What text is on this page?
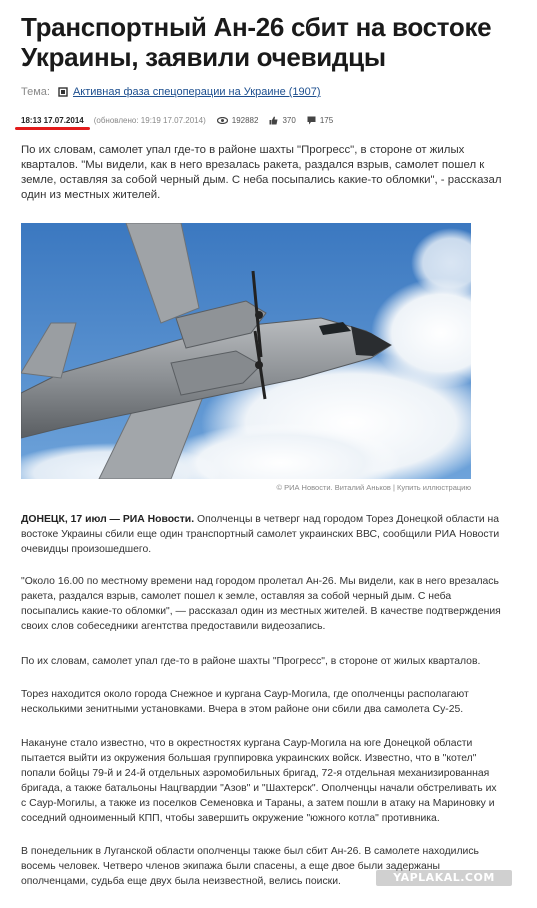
Транспортный Ан-26 сбит на востоке Украины, заявили очевидцы
Тема: Активная фаза спецоперации на Украине (1907)
18:13 17.07.2014 (обновлено: 19:19 17.07.2014)	192882	370	175

По их словам, самолет упал где-то в районе шахты "Прогресс", в стороне от жилых кварталов. "Мы видели, как в него врезалась ракета, раздался взрыв, самолет пошел к земле, оставляя за собой черный дым. С неба посыпались какие-то обломки", - рассказал один из местных жителей.

© РИА Новости. Виталий Аньков | Купить иллюстрацию

ДОНЕЦК, 17 июл — РИА Новости. Ополченцы в четверг над городом Торез Донецкой области на востоке Украины сбили еще один транспортный самолет украинских ВВС, сообщили РИА Новости очевидцы произошедшего.

"Около 16.00 по местному времени над городом пролетал Ан-26. Мы видели, как в него врезалась ракета, раздался взрыв, самолет пошел к земле, оставляя за собой черный дым. С неба посыпались какие-то обломки", — рассказал один из местных жителей. В качестве подтверждения своих слов собеседники агентства предоставили видеозапись.

По их словам, самолет упал где-то в районе шахты "Прогресс", в стороне от жилых кварталов.

Торез находится около города Снежное и кургана Саур-Могила, где ополченцы располагают несколькими зенитными установками. Вчера в этом районе они сбили два самолета Су-25.

Накануне стало известно, что в окрестностях кургана Саур-Могила на юге Донецкой области пытается выйти из окружения большая группировка украинских войск. Известно, что в "котел" попали бойцы 79-й и 24-й отдельных аэромобильных бригад, 72-я отдельная механизированная бригада, а также батальоны Нацгвардии "Азов" и "Шахтерск". Ополченцы начали обстреливать их с Саур-Могилы, а также из поселков Семеновка и Тараны, а затем пошли в атаку на Мариновку и соседний одноименный КПП, чтобы завершить окружение "южного котла" противника.

В понедельник в Луганской области ополченцы также был сбит Ан-26. В самолете находились восемь человек. Четверо членов экипажа были спасены, а еще двое были задержаны ополченцами, судьба еще двух была неизвестной, велись поиски.	YAPLAKAL.COM
